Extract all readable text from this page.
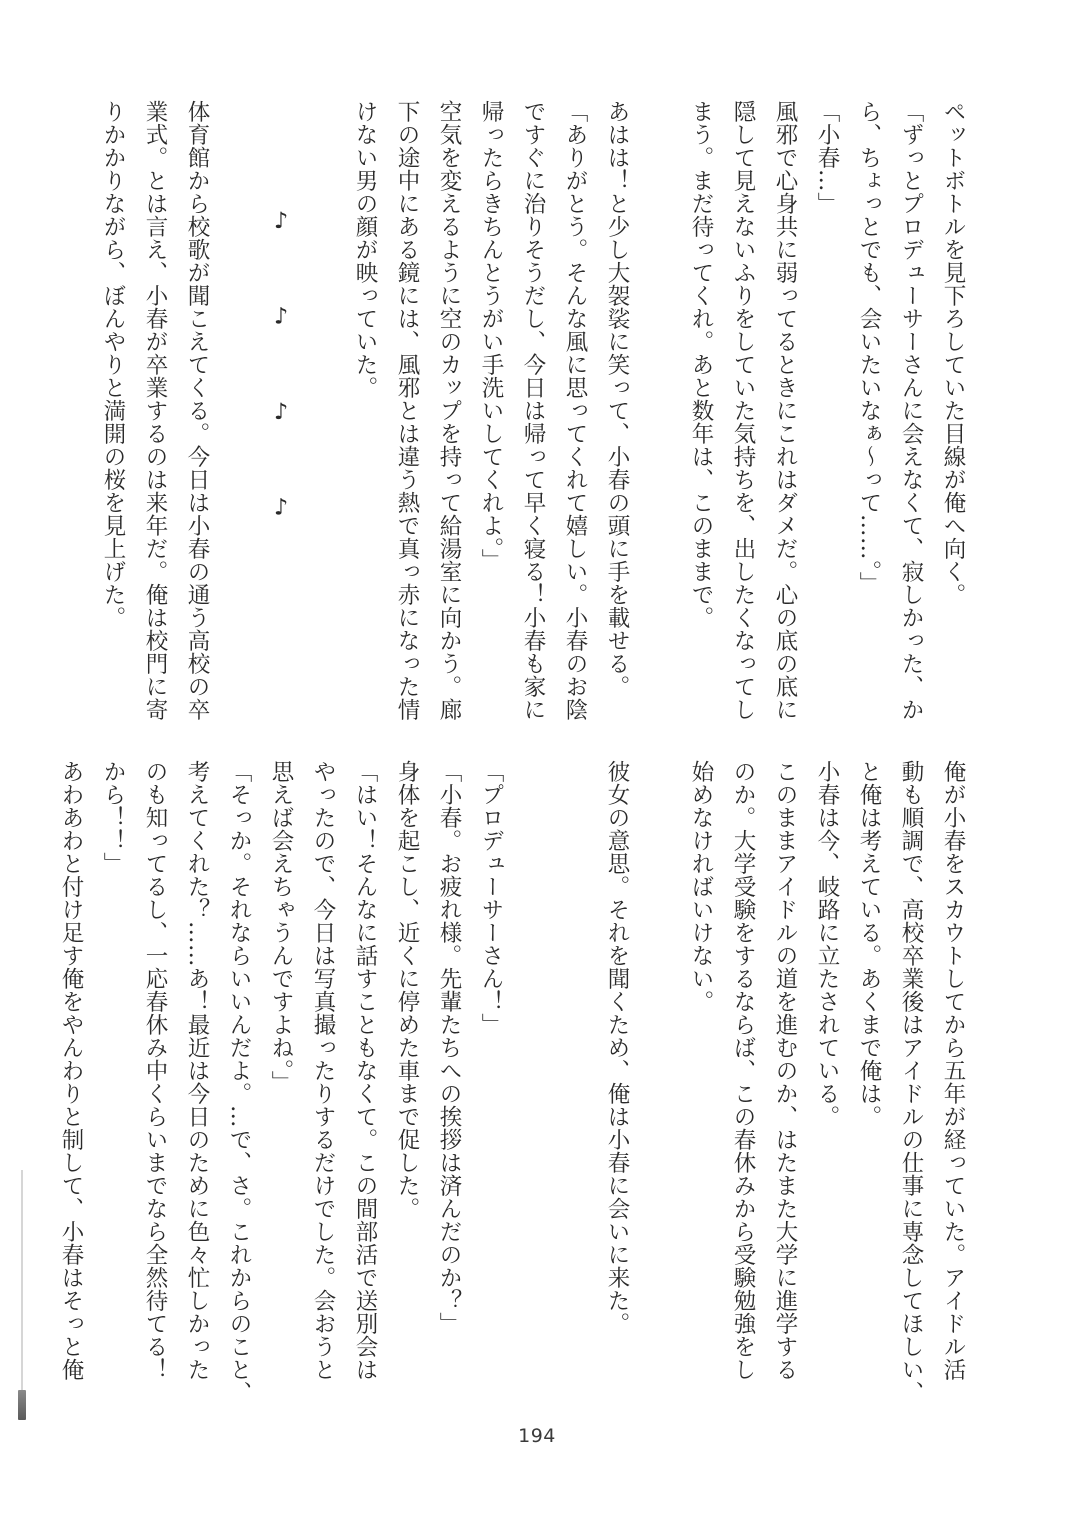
ペットボトルを見下ろしていた目線が俺へ向く。
「ずっとプロデューサーさんに会えなくて、寂しかった、か
ら、ちょっとでも、会いたいなぁ〜って……。」
「小春…」
風邪で心身共に弱ってるときにこれはダメだ。心の底の底に
隠して見えないふりをしていた気持ちを、出したくなってし
まう。まだ待ってくれ。あと数年は、このままで。
あはは！と少し大袈裟に笑って、小春の頭に手を載せる。
「ありがとう。そんな風に思ってくれて嬉しい。小春のお陰
ですぐに治りそうだし、今日は帰って早く寝る！小春も家に
帰ったらきちんとうがい手洗いしてくれよ。」
空気を変えるように空のカップを持って給湯室に向かう。廊
下の途中にある鏡には、風邪とは違う熱で真っ赤になった情
けない男の顔が映っていた。
♪　　　♪　　　♪　　　♪
体育館から校歌が聞こえてくる。今日は小春の通う高校の卒
業式。とは言え、小春が卒業するのは来年だ。俺は校門に寄
りかかりながら、ぼんやりと満開の桜を見上げた。
俺が小春をスカウトしてから五年が経っていた。アイドル活
動も順調で、高校卒業後はアイドルの仕事に専念してほしい、
と俺は考えている。あくまで俺は。
小春は今、岐路に立たされている。
このままアイドルの道を進むのか、はたまた大学に進学する
のか。大学受験をするならば、この春休みから受験勉強をし
始めなければいけない。
彼女の意思。それを聞くため、俺は小春に会いに来た。
「プロデューサーさん！」
「小春。お疲れ様。先輩たちへの挨拶は済んだのか？」
身体を起こし、近くに停めた車まで促した。
「はい！そんなに話すこともなくて。この間部活で送別会は
やったので、今日は写真撮ったりするだけでした。会おうと
思えば会えちゃうんですよね。」
「そっか。それならいいんだよ。…で、さ。これからのこと、
考えてくれた？……あ！最近は今日のために色々忙しかった
のも知ってるし、一応春休み中くらいまでなら全然待てる！
から！！」
あわあわと付け足す俺をやんわりと制して、小春はそっと俺
194
